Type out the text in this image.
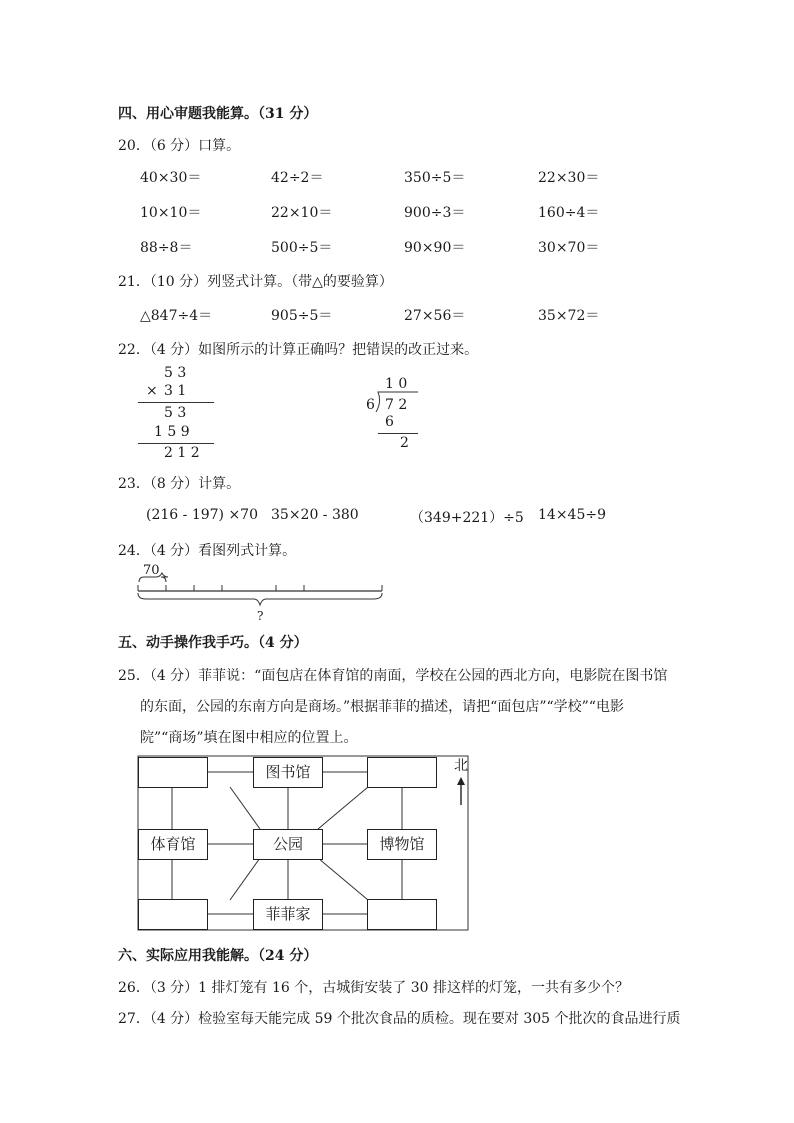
四、用心审题我能算。（31 分）
20．（6 分）口算。
40×30＝	42÷2＝	350÷5＝	22×30＝
10×10＝	22×10＝	900÷3＝	160÷4＝
88÷8＝	500÷5＝	90×90＝	30×70＝
21．（10 分）列竖式计算。（带△的要验算）
△847÷4＝	905÷5＝	27×56＝	35×72＝
22．（4 分）如图所示的计算正确吗？把错误的改正过来。
5 3
× 3 1
5 3
1 5 9
2 1 2
1 0
6 7 2
6
2
23．（8 分）计算。
(216 - 197) ×70 35×20 - 380	（349+221）÷5 14×45÷9
24．（4 分）看图列式计算。
70
?
五、动手操作我手巧。（4 分）
25．（4 分）菲菲说：“面包店在体育馆的南面，学校在公园的西北方向，电影院在图书馆
的东面，公园的东南方向是商场。”根据菲菲的描述，请把“面包店”“学校”“电影
院”“商场”填在图中相应的位置上。
图书馆
体育馆	公园	博物馆
菲菲家
北
六、实际应用我能解。（24 分）
26．（3 分）1 排灯笼有 16 个，古城街安装了 30 排这样的灯笼，一共有多少个？
27．（4 分）检验室每天能完成 59 个批次食品的质检。现在要对 305 个批次的食品进行质
